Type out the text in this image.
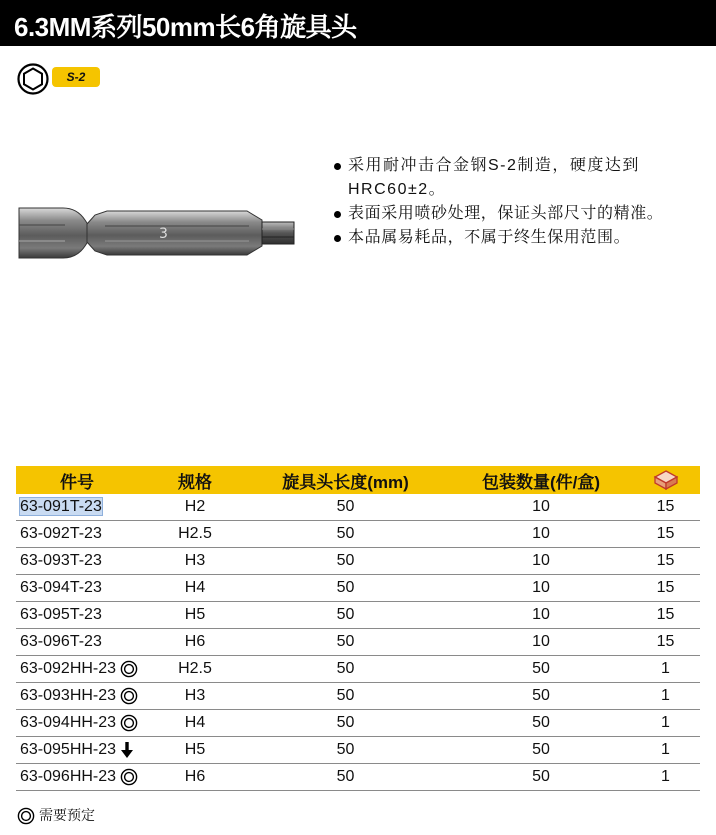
6.3MM系列50mm长6角旋具头
S-2
3
采用耐冲击合金钢S-2制造，硬度达到HRC60±2。
表面采用喷砂处理，保证头部尺寸的精准。
本品属易耗品，不属于终生保用范围。
件号	规格	旋具头长度(mm)	包装数量(件/盒)	
63-091T-23	H2	50	10	15
63-092T-23	H2.5	50	10	15
63-093T-23	H3	50	10	15
63-094T-23	H4	50	10	15
63-095T-23	H5	50	10	15
63-096T-23	H6	50	10	15
63-092HH-23	H2.5	50	50	1
63-093HH-23	H3	50	50	1
63-094HH-23	H4	50	50	1
63-095HH-23	H5	50	50	1
63-096HH-23	H6	50	50	1
需要预定
